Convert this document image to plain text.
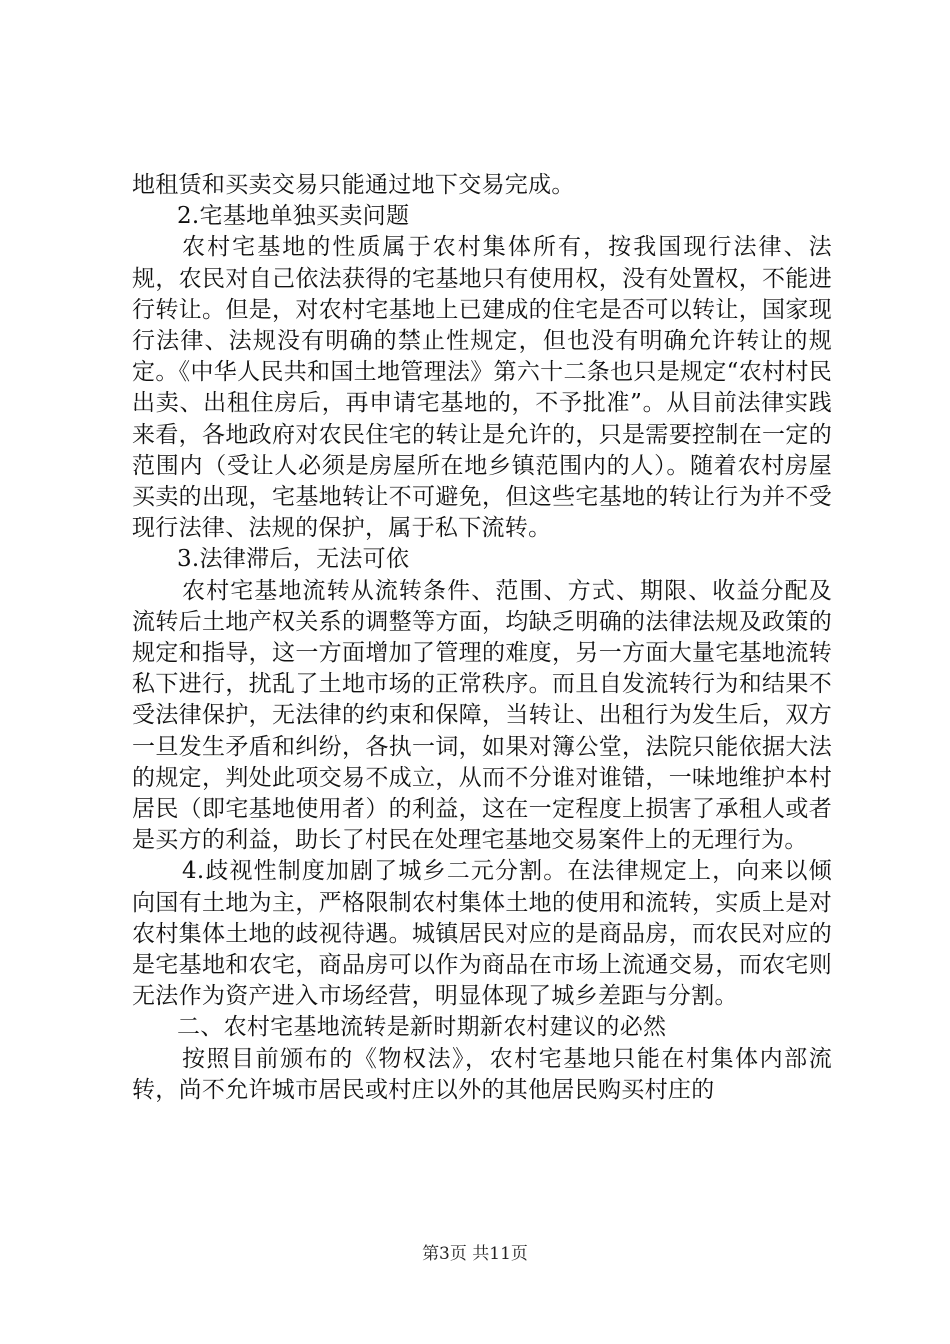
地租赁和买卖交易只能通过地下交易完成。

2.宅基地单独买卖问题

农村宅基地的性质属于农村集体所有，按我国现行法律、法规，农民对自己依法获得的宅基地只有使用权，没有处置权，不能进行转让。但是，对农村宅基地上已建成的住宅是否可以转让，国家现行法律、法规没有明确的禁止性规定，但也没有明确允许转让的规定。《中华人民共和国土地管理法》第六十二条也只是规定“农村村民出卖、出租住房后，再申请宅基地的，不予批准”。从目前法律实践来看，各地政府对农民住宅的转让是允许的，只是需要控制在一定的范围内（受让人必须是房屋所在地乡镇范围内的人）。随着农村房屋买卖的出现，宅基地转让不可避免，但这些宅基地的转让行为并不受现行法律、法规的保护，属于私下流转。

3.法律滞后，无法可依

农村宅基地流转从流转条件、范围、方式、期限、收益分配及流转后土地产权关系的调整等方面，均缺乏明确的法律法规及政策的规定和指导，这一方面增加了管理的难度，另一方面大量宅基地流转私下进行，扰乱了土地市场的正常秩序。而且自发流转行为和结果不受法律保护，无法律的约束和保障，当转让、出租行为发生后，双方一旦发生矛盾和纠纷，各执一词，如果对簿公堂，法院只能依据大法的规定，判处此项交易不成立，从而不分谁对谁错，一味地维护本村居民（即宅基地使用者）的利益，这在一定程度上损害了承租人或者是买方的利益，助长了村民在处理宅基地交易案件上的无理行为。

4.歧视性制度加剧了城乡二元分割。在法律规定上，向来以倾向国有土地为主，严格限制农村集体土地的使用和流转，实质上是对农村集体土地的歧视待遇。城镇居民对应的是商品房，而农民对应的是宅基地和农宅，商品房可以作为商品在市场上流通交易，而农宅则无法作为资产进入市场经营，明显体现了城乡差距与分割。

二、农村宅基地流转是新时期新农村建议的必然

按照目前颁布的《物权法》，农村宅基地只能在村集体内部流转，尚不允许城市居民或村庄以外的其他居民购买村庄的

第3页 共11页
